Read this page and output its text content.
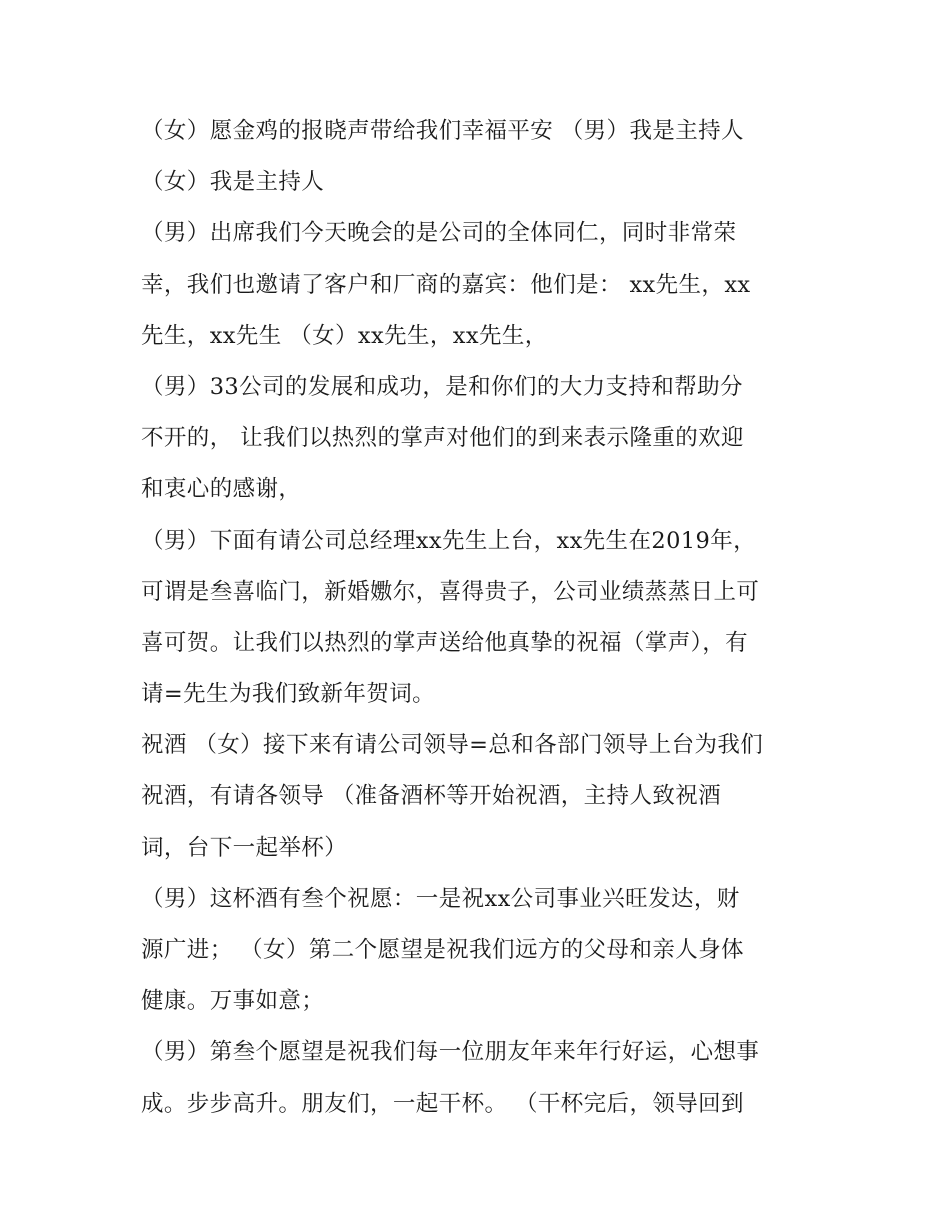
（女）愿金鸡的报晓声带给我们幸福平安 （男）我是主持人
（女）我是主持人
（男）出席我们今天晚会的是公司的全体同仁，同时非常荣
幸，我们也邀请了客户和厂商的嘉宾：他们是： xx先生，xx
先生，xx先生 （女）xx先生，xx先生，
（男）33公司的发展和成功，是和你们的大力支持和帮助分
不开的， 让我们以热烈的掌声对他们的到来表示隆重的欢迎
和衷心的感谢，
（男）下面有请公司总经理xx先生上台，xx先生在2019年，
可谓是叁喜临门，新婚嫐尔，喜得贵子，公司业绩蒸蒸日上可
喜可贺。让我们以热烈的掌声送给他真挚的祝福（掌声），有
请=先生为我们致新年贺词。
祝酒 （女）接下来有请公司领导=总和各部门领导上台为我们
祝酒，有请各领导 （准备酒杯等开始祝酒，主持人致祝酒
词，台下一起举杯）
（男）这杯酒有叁个祝愿：一是祝xx公司事业兴旺发达，财
源广进； （女）第二个愿望是祝我们远方的父母和亲人身体
健康。万事如意；
（男）第叁个愿望是祝我们每一位朋友年来年行好运，心想事
成。步步高升。朋友们，一起干杯。 （干杯完后，领导回到
